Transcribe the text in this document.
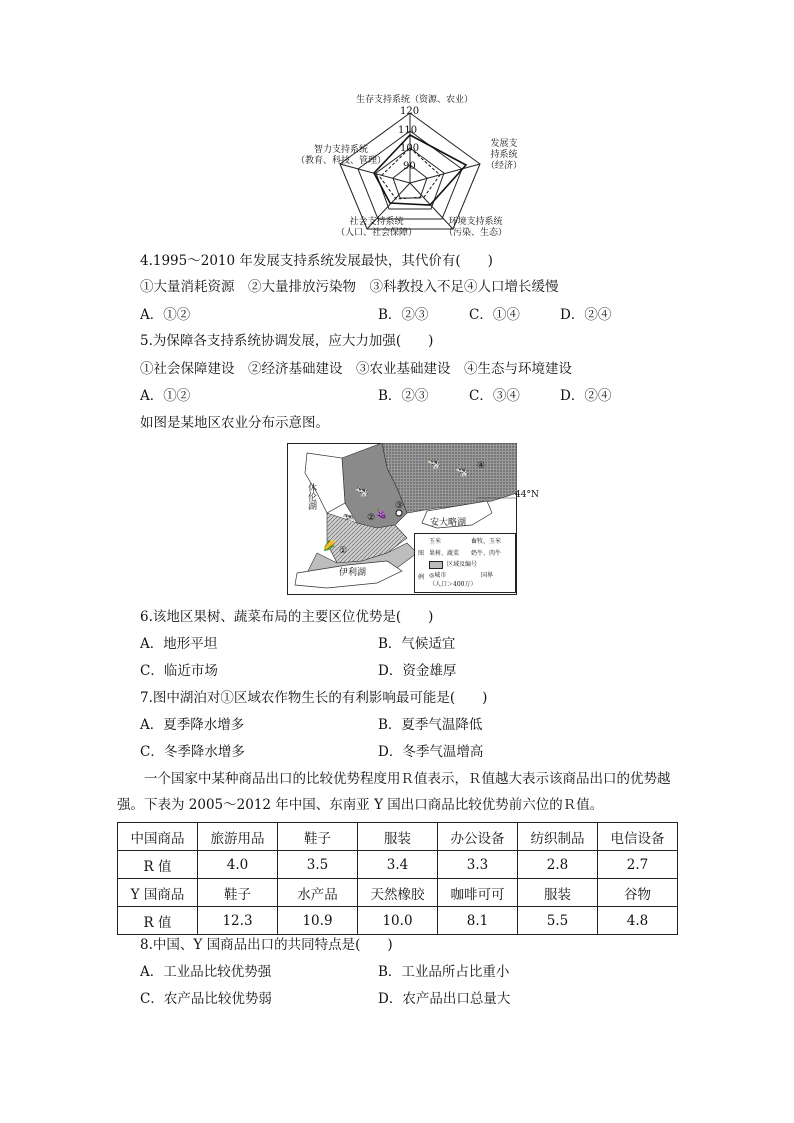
生存支持系统（资源、农业）
120
110
100
90
发展支
持系统
（经济）
环境支持系统
（污染、生态）
社会支持系统
（人口、社会保障）
智力支持系统
（教育、科技、管理）
4.1995～2010 年发展支持系统发展最快，其代价有(　　)
①大量消耗资源　②大量排放污染物　③科教投入不足④人口增长缓慢
A．①②	B．②③	C．①④	D．②④
5.为保障各支持系统协调发展，应大力加强(　　)
①社会保障建设　②经济基础建设　③农业基础建设　④生态与环境建设
A．①②	B．②③	C．③④	D．②④
如图是某地区农业分布示意图。
休伦湖
安大略湖
伊利湖
44°N
①
②
③
④
🐄
🐄
🐄
🐄 🍇
🌽
图
例
玉米	畜牧、玉米
果树、蔬菜 奶牛、肉牛
区域及编号
◎城市
（人口＞400万）
国界
6.该地区果树、蔬菜布局的主要区位优势是(　　)
A．地形平坦	B．气候适宜
C．临近市场	D．资金雄厚
7.图中湖泊对①区域农作物生长的有利影响最可能是(　　)
A．夏季降水增多	B．夏季气温降低
C．冬季降水增多	D．冬季气温增高
一个国家中某种商品出口的比较优势程度用Ｒ值表示，Ｒ值越大表示该商品出口的优势越强。下表为 2005～2012 年中国、东南亚 Y 国出口商品比较优势前六位的Ｒ值。
中国商品	旅游用品	鞋子	服装	办公设备	纺织制品	电信设备
R 值	4.0	3.5	3.4	3.3	2.8	2.7
Y 国商品	鞋子	水产品	天然橡胶	咖啡可可	服装	谷物
R 值	12.3	10.9	10.0	8.1	5.5	4.8
8.中国、Y 国商品出口的共同特点是(　　)
A．工业品比较优势强	B．工业品所占比重小
C．农产品比较优势弱	D．农产品出口总量大
